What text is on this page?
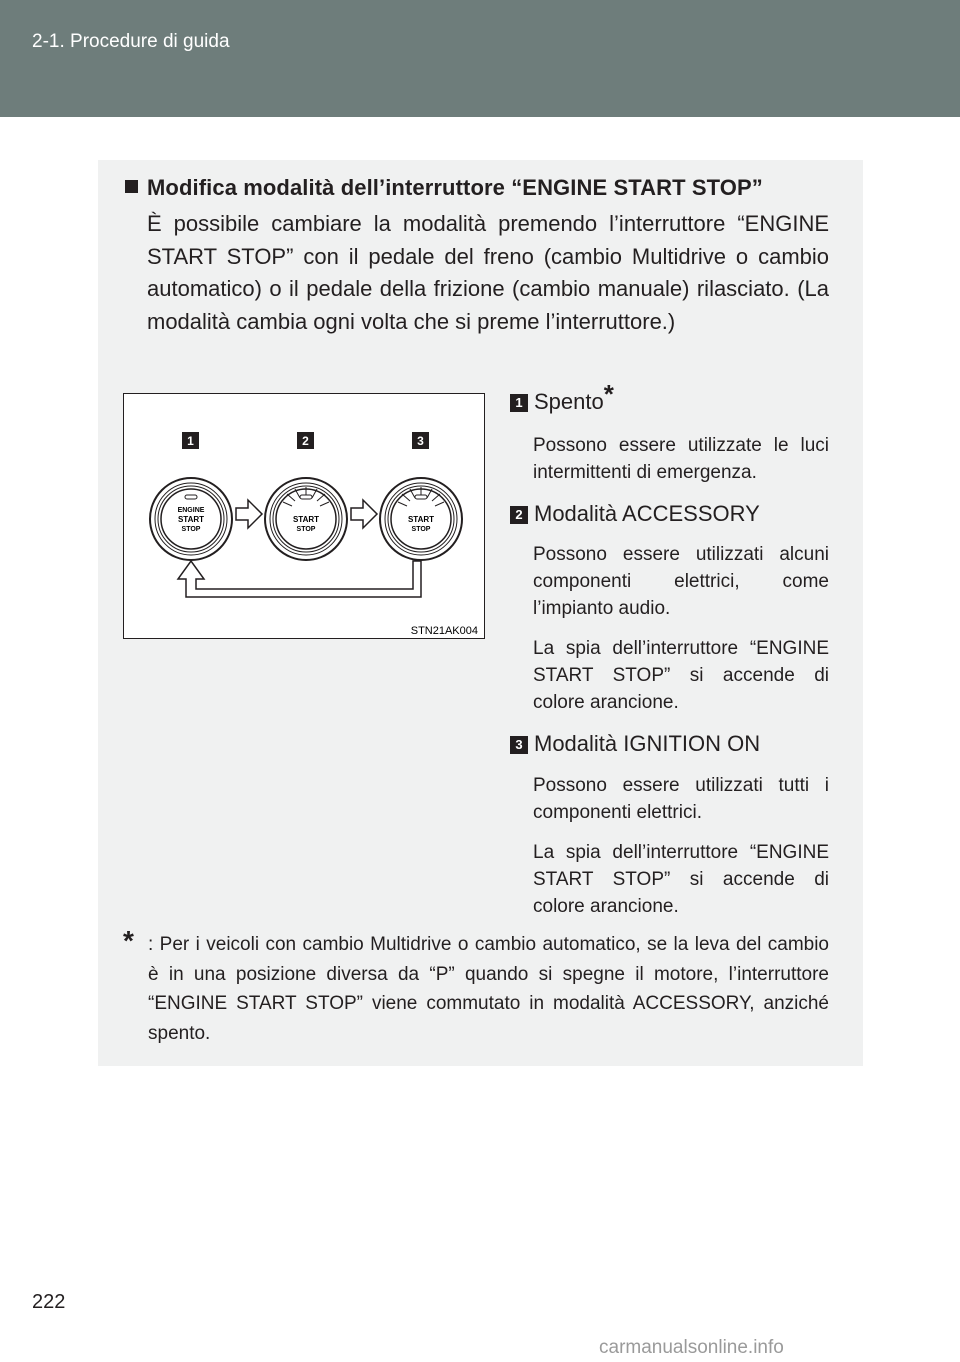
2-1. Procedure di guida
Modifica modalità dell’interruttore “ENGINE START STOP”
È possibile cambiare la modalità premendo l’interruttore “ENGINE START STOP” con il pedale del freno (cambio Multidrive o cambio automatico) o il pedale della frizione (cambio manuale) rilasciato. (La modalità cambia ogni volta che si preme l’interruttore.)
1	2	3
ENGINE
START
STOP
START
STOP
START
STOP
STN21AK004
1 Spento*
Possono essere utilizzate le luci intermittenti di emergenza.
2 Modalità ACCESSORY
Possono essere utilizzati alcuni componenti elettrici, come l’impianto audio.
La spia dell’interruttore “ENGINE START STOP” si accende di colore arancione.
3 Modalità IGNITION ON
Possono essere utilizzati tutti i componenti elettrici.
La spia dell’interruttore “ENGINE START STOP” si accende di colore arancione.
* : Per i veicoli con cambio Multidrive o cambio automatico, se la leva del cambio è in una posizione diversa da “P” quando si spegne il motore, l’interruttore “ENGINE START STOP” viene commutato in modalità ACCESSORY, anziché spento.
222
carmanualsonline.info
